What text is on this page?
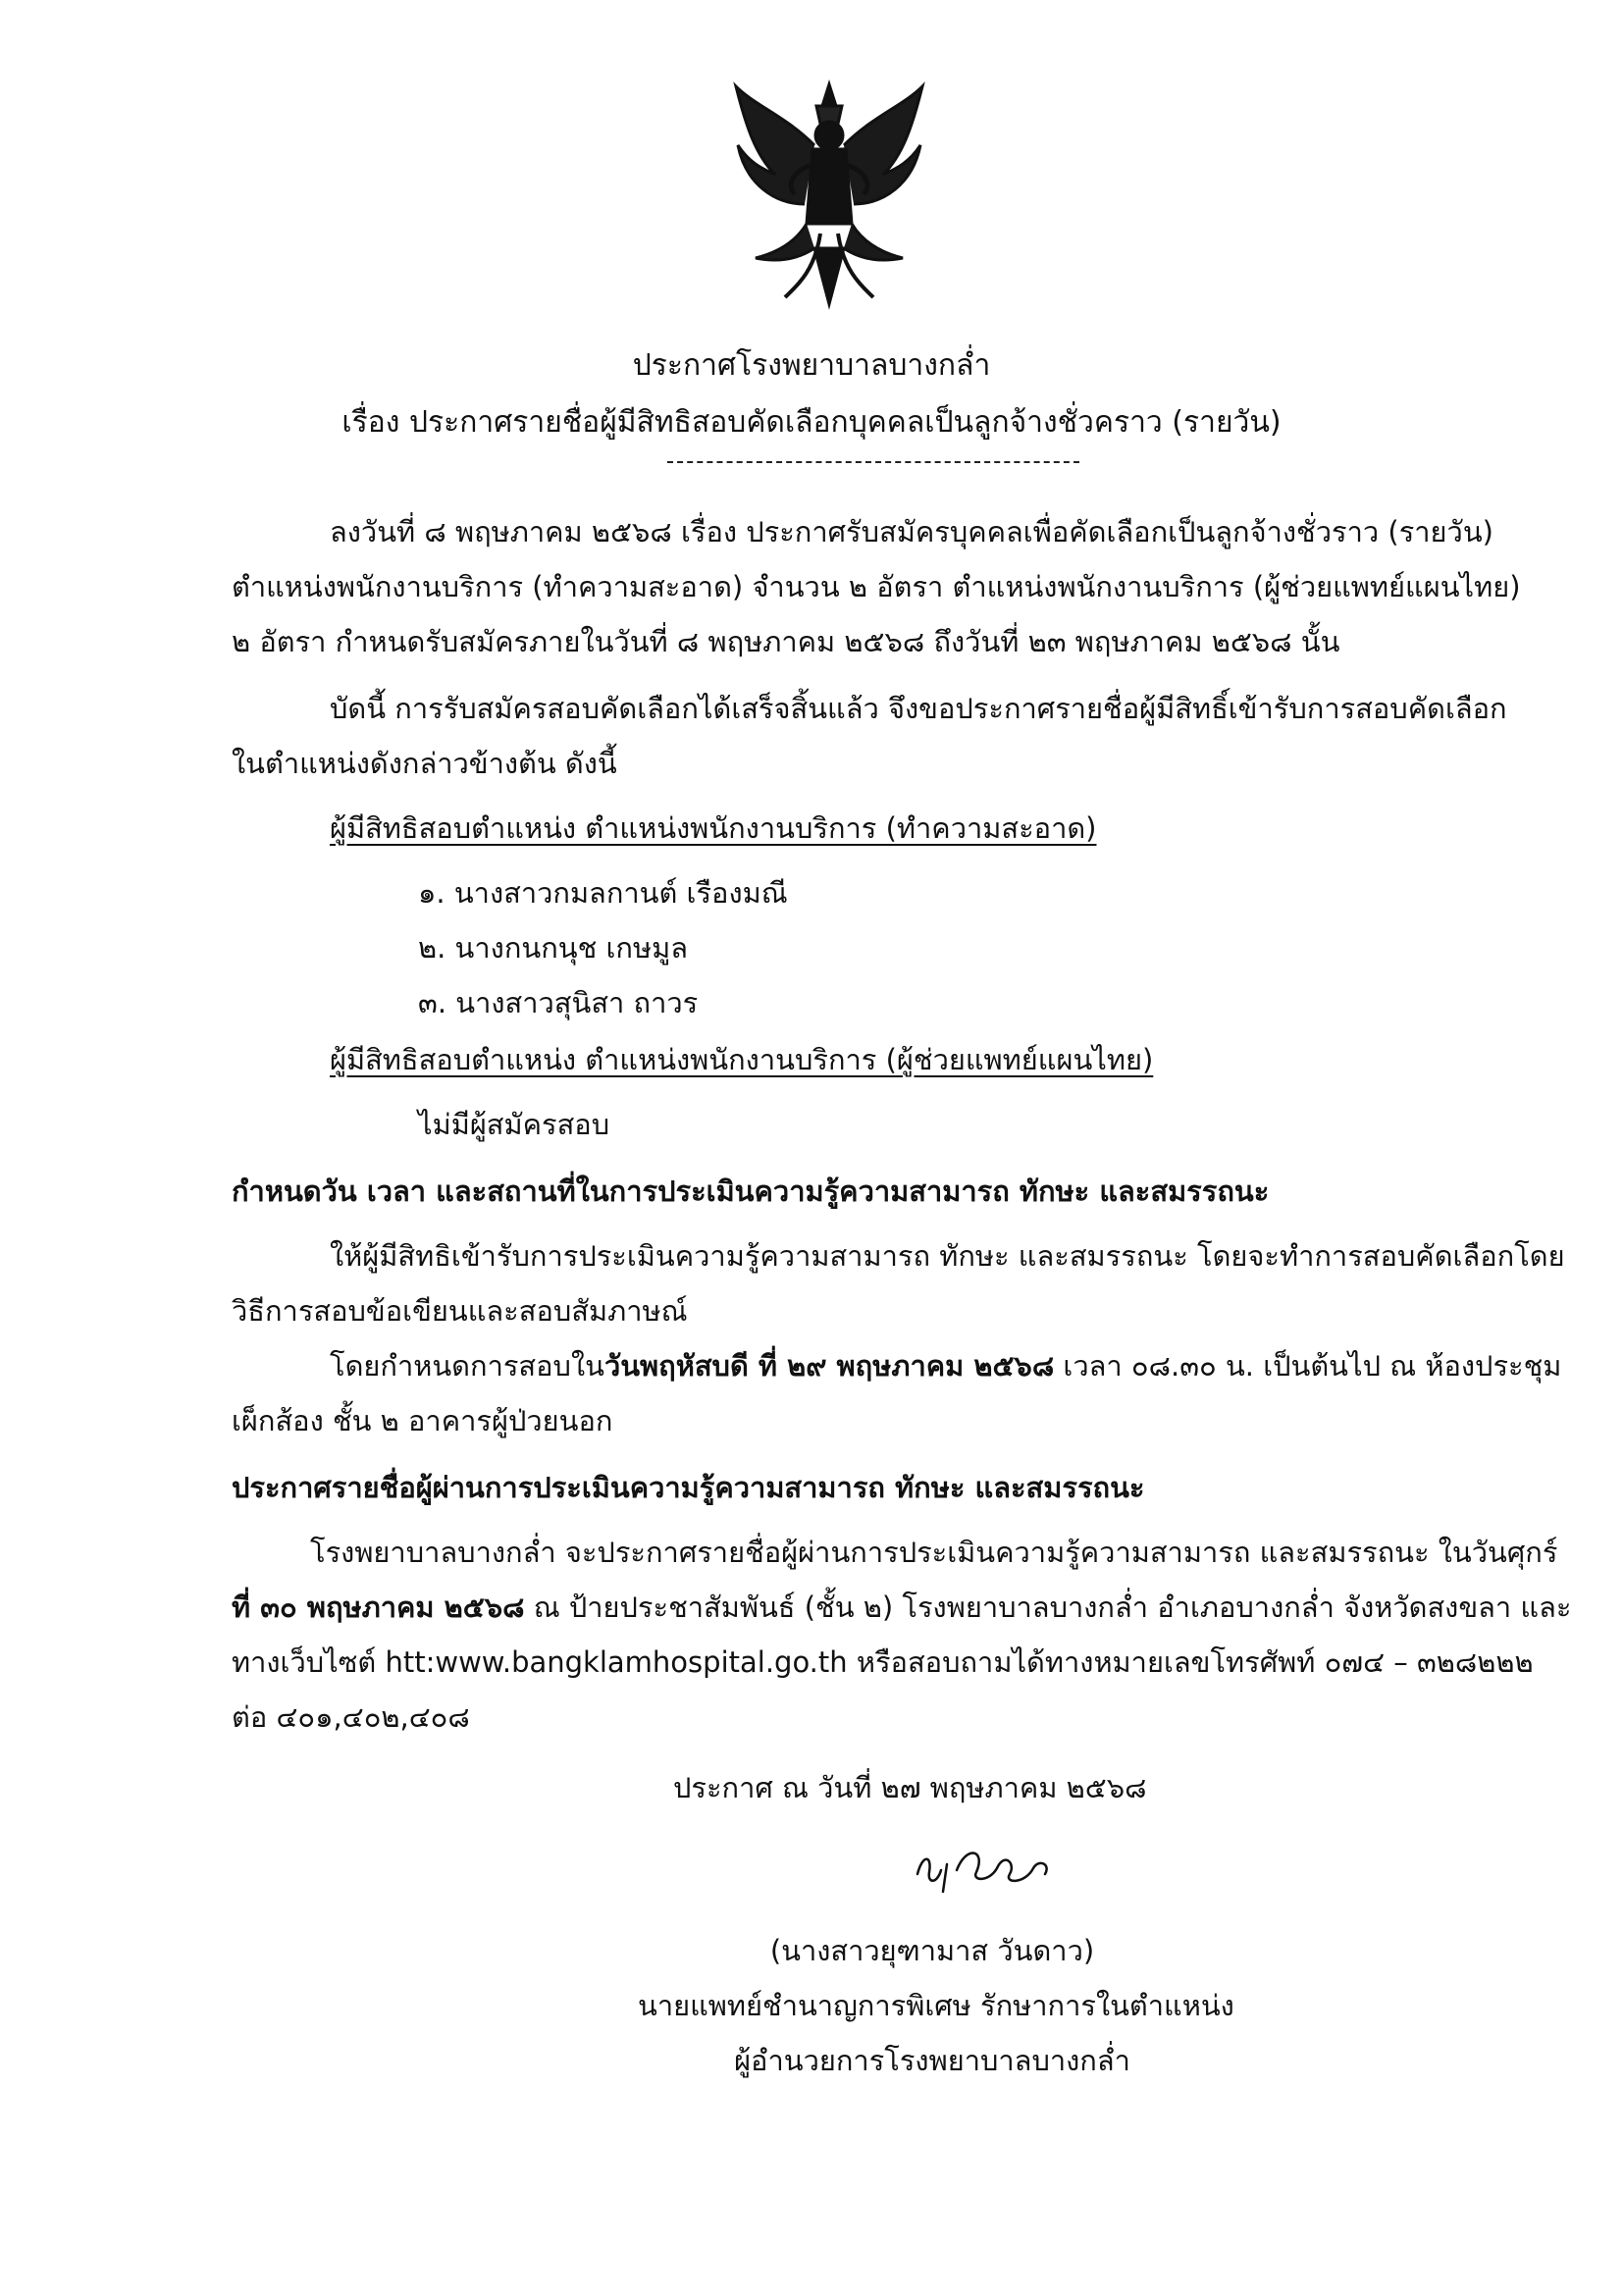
ประกาศโรงพยาบาลบางกล่ำ
เรื่อง ประกาศรายชื่อผู้มีสิทธิสอบคัดเลือกบุคคลเป็นลูกจ้างชั่วคราว (รายวัน)
ลงวันที่ ๘ พฤษภาคม ๒๕๖๘ เรื่อง ประกาศรับสมัครบุคคลเพื่อคัดเลือกเป็นลูกจ้างชั่วราว (รายวัน)
ตำแหน่งพนักงานบริการ (ทำความสะอาด) จำนวน ๒ อัตรา ตำแหน่งพนักงานบริการ (ผู้ช่วยแพทย์แผนไทย)
๒ อัตรา กำหนดรับสมัครภายในวันที่ ๘ พฤษภาคม ๒๕๖๘ ถึงวันที่ ๒๓ พฤษภาคม ๒๕๖๘ นั้น
บัดนี้ การรับสมัครสอบคัดเลือกได้เสร็จสิ้นแล้ว จึงขอประกาศรายชื่อผู้มีสิทธิ์เข้ารับการสอบคัดเลือก
ในตำแหน่งดังกล่าวข้างต้น ดังนี้
ผู้มีสิทธิสอบตำแหน่ง ตำแหน่งพนักงานบริการ (ทำความสะอาด)
๑. นางสาวกมลกานต์ เรืองมณี
๒. นางกนกนุช เกษมูล
๓. นางสาวสุนิสา ถาวร
ผู้มีสิทธิสอบตำแหน่ง ตำแหน่งพนักงานบริการ (ผู้ช่วยแพทย์แผนไทย)
ไม่มีผู้สมัครสอบ
กำหนดวัน เวลา และสถานที่ในการประเมินความรู้ความสามารถ ทักษะ และสมรรถนะ
ให้ผู้มีสิทธิเข้ารับการประเมินความรู้ความสามารถ ทักษะ และสมรรถนะ โดยจะทำการสอบคัดเลือกโดย
วิธีการสอบข้อเขียนและสอบสัมภาษณ์
โดยกำหนดการสอบในวันพฤหัสบดี ที่ ๒๙ พฤษภาคม ๒๕๖๘ เวลา ๐๘.๓๐ น. เป็นต้นไป ณ ห้องประชุม
เผ็กส้อง ชั้น ๒ อาคารผู้ป่วยนอก
ประกาศรายชื่อผู้ผ่านการประเมินความรู้ความสามารถ ทักษะ และสมรรถนะ
โรงพยาบาลบางกล่ำ จะประกาศรายชื่อผู้ผ่านการประเมินความรู้ความสามารถ และสมรรถนะ ในวันศุกร์
ที่ ๓๐ พฤษภาคม ๒๕๖๘ ณ ป้ายประชาสัมพันธ์ (ชั้น ๒) โรงพยาบาลบางกล่ำ อำเภอบางกล่ำ จังหวัดสงขลา และ
ทางเว็บไซต์ htt:www.bangklamhospital.go.th หรือสอบถามได้ทางหมายเลขโทรศัพท์ ๐๗๔ – ๓๒๘๒๒๒
ต่อ ๔๐๑,๔๐๒,๔๐๘
ประกาศ ณ วันที่ ๒๗ พฤษภาคม ๒๕๖๘
(นางสาวยุฑามาส วันดาว)
นายแพทย์ชำนาญการพิเศษ รักษาการในตำแหน่ง
ผู้อำนวยการโรงพยาบาลบางกล่ำ
